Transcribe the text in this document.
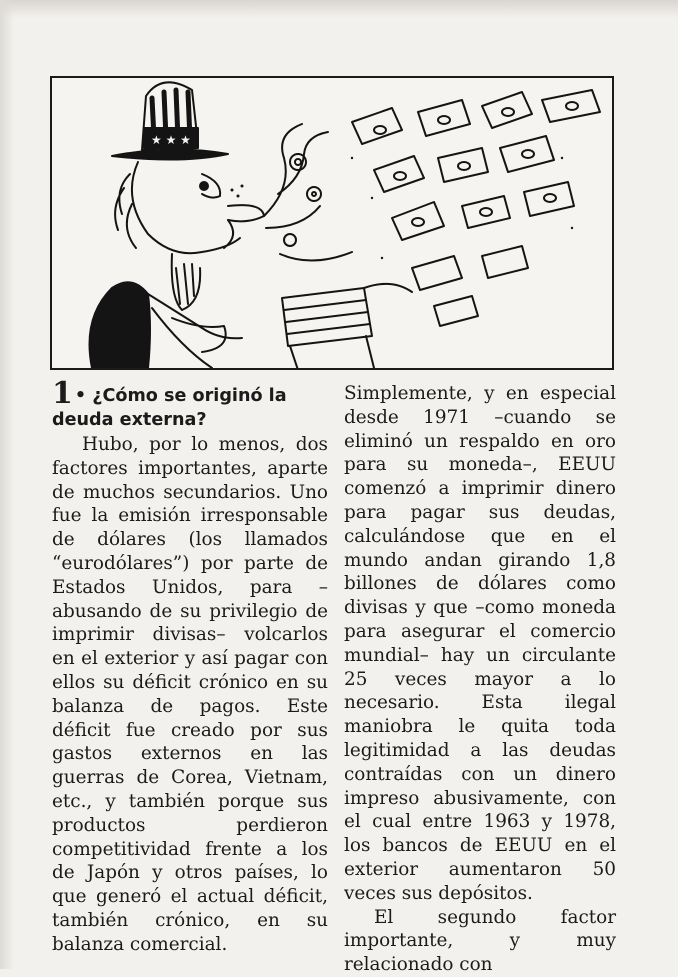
★ ★ ★
1 • ¿Cómo se originó la deuda externa?

Hubo, por lo menos, dos factores importantes, aparte de muchos secundarios. Uno fue la emisión irresponsable de dólares (los llamados “eurodólares”) por parte de Estados Unidos, para –abusando de su privilegio de imprimir divisas– volcarlos en el exterior y así pagar con ellos su déficit crónico en su balanza de pagos. Este déficit fue creado por sus gastos externos en las guerras de Corea, Vietnam, etc., y también porque sus productos perdieron competitividad frente a los de Japón y otros países, lo que generó el actual déficit, también crónico, en su balanza comercial.

Simplemente, y en especial desde 1971 –cuando se eliminó un respaldo en oro para su moneda–, EEUU comenzó a imprimir dinero para pagar sus deudas, calculándose que en el mundo andan girando 1,8 billones de dólares como divisas y que –como moneda para asegurar el comercio mundial– hay un circulante 25 veces mayor a lo necesario. Esta ilegal maniobra le quita toda legitimidad a las deudas contraídas con un dinero impreso abusivamente, con el cual entre 1963 y 1978, los bancos de EEUU en el exterior aumentaron 50 veces sus depósitos.

El segundo factor importante, y muy relacionado con
